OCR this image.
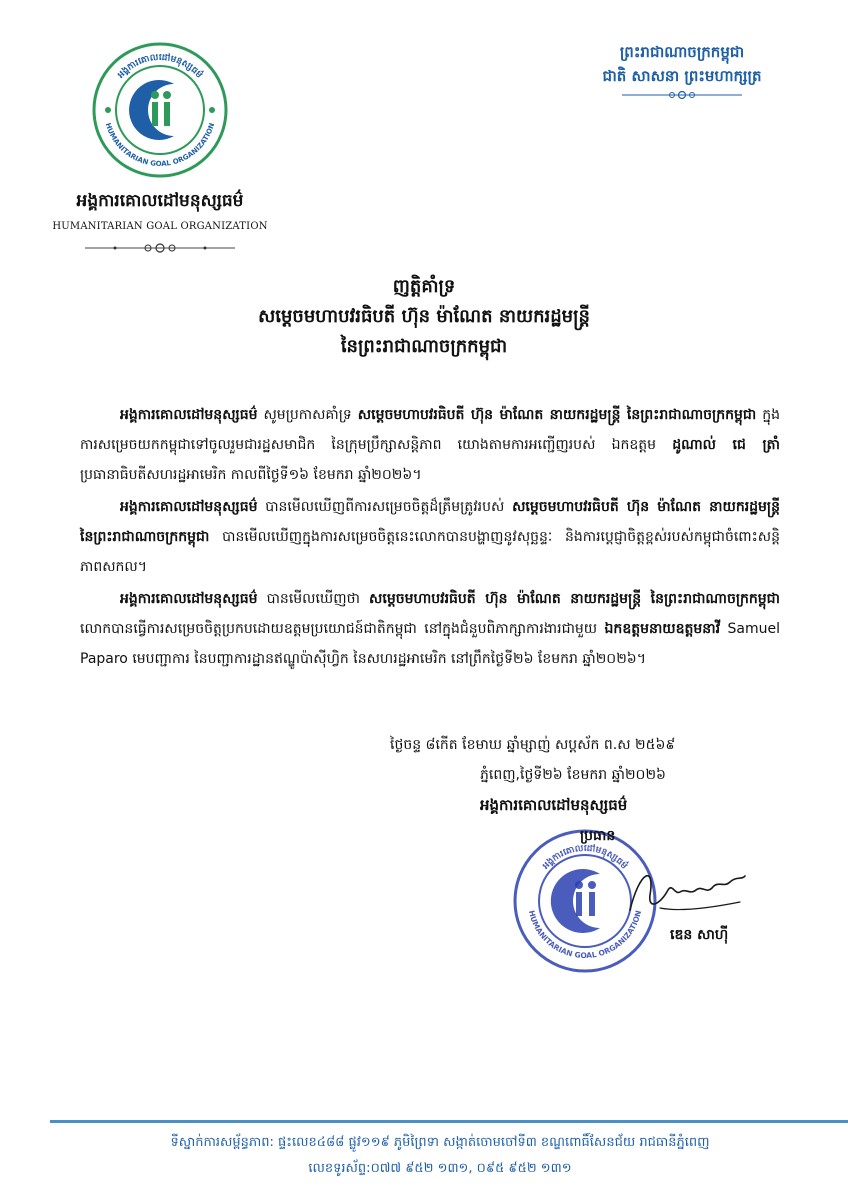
អង្គការគោលដៅមនុស្សធម៌
HUMANITARIAN GOAL ORGANIZATION
អង្គការគោលដៅមនុស្សធម៌
HUMANITARIAN GOAL ORGANIZATION
ព្រះរាជាណាចក្រកម្ពុជា
ជាតិ សាសនា ព្រះមហាក្សត្រ
ញត្តិគាំទ្រ
សម្តេចមហាបវរធិបតី ហ៊ុន ម៉ាណែត នាយករដ្ឋមន្ត្រី
នៃព្រះរាជាណាចក្រកម្ពុជា

អង្គការគោលដៅមនុស្សធម៌ សូមប្រកាសគាំទ្រ សម្តេចមហាបវរធិបតី ហ៊ុន ម៉ាណែត នាយករដ្ឋមន្ត្រី នៃព្រះរាជាណាចក្រកម្ពុជា ក្នុងការសម្រេចយកកម្ពុជាទៅចូលរួមជារដ្ឋសមាជិក នៃក្រុមប្រឹក្សាសន្តិភាព យោងតាមការអញ្ជើញរបស់ ឯកឧត្តម ដូណាល់ ជេ ត្រាំ ប្រធានាធិបតីសហរដ្ឋអាមេរិក កាលពីថ្ងៃទី១៦ ខែមករា ឆ្នាំ២០២៦។

អង្គការគោលដៅមនុស្សធម៌ បានមើលឃើញពីការសម្រេចចិត្តដ៏ត្រឹមត្រូវរបស់ សម្តេចមហាបវរធិបតី ហ៊ុន ម៉ាណែត នាយករដ្ឋមន្ត្រី នៃព្រះរាជាណាចក្រកម្ពុជា បានមើលឃើញក្នុងការសម្រេចចិត្តនេះលោកបានបង្ហាញនូវសុច្ឆន្ទៈ និងការប្តេជ្ញាចិត្តខ្ពស់របស់កម្ពុជាចំពោះសន្តិភាពសកល។

អង្គការគោលដៅមនុស្សធម៌ បានមើលឃើញថា សម្តេចមហាបវរធិបតី ហ៊ុន ម៉ាណែត នាយករដ្ឋមន្ត្រី នៃព្រះរាជាណាចក្រកម្ពុជា លោកបានធ្វើការសម្រេចចិត្តប្រកបដោយឧត្តមប្រយោជន៍ជាតិកម្ពុជា នៅក្នុងជំនួបពិភាក្សាការងារជាមួយ ឯកឧត្តមនាយឧត្តមនាវី Samuel Paparo មេបញ្ជាការ នៃបញ្ជាការដ្ឋានឥណ្ឌូប៉ាស៊ីហ្វិក នៃសហរដ្ឋអាមេរិក នៅព្រឹកថ្ងៃទី២៦ ខែមករា ឆ្នាំ២០២៦។

ថ្ងៃចន្ទ ៨កើត ខែមាឃ ឆ្នាំម្សាញ់ សប្តស័ក ព.ស ២៥៦៩
ភ្នំពេញ,ថ្ងៃទី២៦ ខែមករា ឆ្នាំ២០២៦
អង្គការគោលដៅមនុស្សធម៌
អង្គការគោលដៅមនុស្សធម៌
HUMANITARIAN GOAL ORGANIZATION
ប្រធាន
ឌេន សាហ៊ី
ទីស្នាក់ការសម្ព័ន្ធភាព: ផ្ទះលេខ៤៨៨ ផ្លូវ១១៩ ភូមិព្រៃទា សង្កាត់ចោមចៅទី៣ ខណ្ឌពោធិ៍សែនជ័យ រាជធានីភ្នំពេញ
លេខទូរស័ព្ទ:០៧៧ ៩៥២ ១៣១, ០៩៥ ៩៥២ ១៣១
